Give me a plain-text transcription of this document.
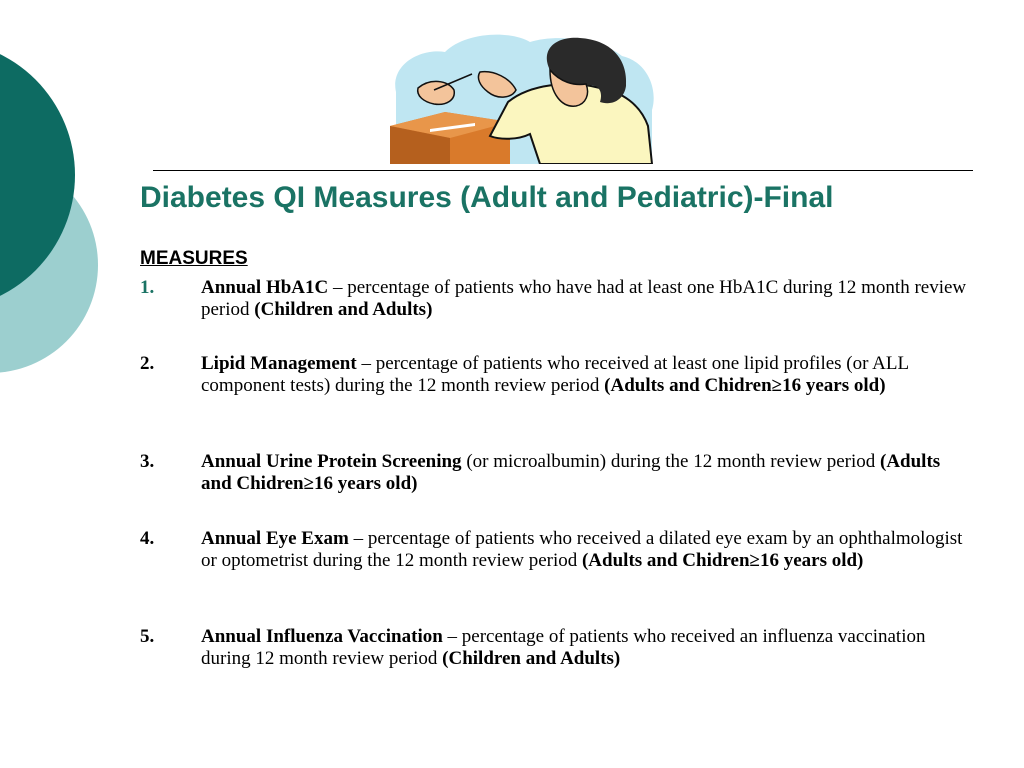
Diabetes QI Measures (Adult and Pediatric)-Final
MEASURES
1. Annual HbA1C – percentage of patients who have had at least one HbA1C during 12 month review period (Children and Adults)
2. Lipid Management – percentage of patients who received at least one lipid profiles (or ALL component tests) during the 12 month review period (Adults and Chidren≥16 years old)
3. Annual Urine Protein Screening (or microalbumin) during the 12 month review period (Adults and Chidren≥16 years old)
4. Annual Eye Exam – percentage of patients who received a dilated eye exam by an ophthalmologist or optometrist during the 12 month review period (Adults and Chidren≥16 years old)
5. Annual Influenza Vaccination – percentage of patients who received an influenza vaccination during 12 month review period (Children and Adults)
